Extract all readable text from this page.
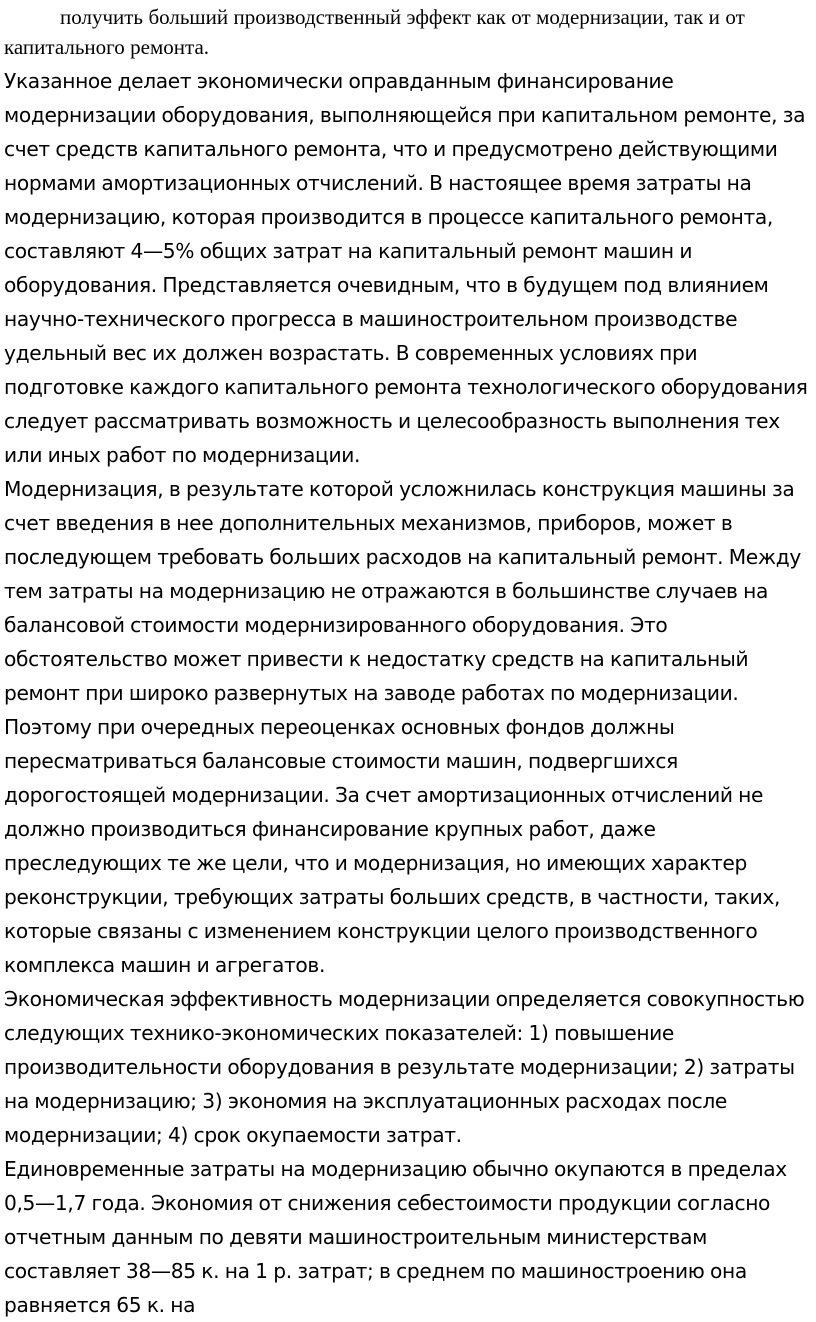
получить больший производственный эффект как от модернизации, так и от капитального ремонта.

Указанное делает экономически оправданным финансирование модернизации оборудования, выполняющейся при капитальном ремонте, за счет средств капитального ремонта, что и предусмотрено действующими нормами амортизационных отчислений. В настоящее время затраты на модернизацию, которая производится в процессе капитального ремонта, составляют 4—5% общих затрат на капитальный ремонт машин и оборудования. Представляется очевидным, что в будущем под влиянием научно-технического прогресса в машиностроительном производстве удельный вес их должен возрастать. В современных условиях при подготовке каждого капитального ремонта технологического оборудования следует рассматривать возможность и целесообразность выполнения тех или иных работ по модернизации.

Модернизация, в результате которой усложнилась конструкция машины за счет введения в нее дополнительных механизмов, приборов, может в последующем требовать больших расходов на капитальный ремонт. Между тем затраты на модернизацию не отражаются в большинстве случаев на балансовой стоимости модернизированного оборудования. Это обстоятельство может привести к недостатку средств на капитальный ремонт при широко развернутых на заводе работах по модернизации. Поэтому при очередных переоценках основных фондов должны пересматриваться балансовые стоимости машин, подвергшихся дорогостоящей модернизации. За счет амортизационных отчислений не должно производиться финансирование крупных работ, даже преследующих те же цели, что и модернизация, но имеющих характер реконструкции, требующих затраты больших средств, в частности, таких, которые связаны с изменением конструкции целого производственного комплекса машин и агрегатов.

Экономическая эффективность модернизации определяется совокупностью следующих технико-экономических показателей: 1) повышение производительности оборудования в результате модернизации; 2) затраты на модернизацию; 3) экономия на эксплуатационных расходах после модернизации; 4) срок окупаемости затрат.

Единовременные затраты на модернизацию обычно окупаются в пределах 0,5—1,7 года. Экономия от снижения себестоимости продукции согласно отчетным данным по девяти машиностроительным министерствам составляет 38—85 к. на 1 р. затрат; в среднем по машиностроению она равняется 65 к. на
